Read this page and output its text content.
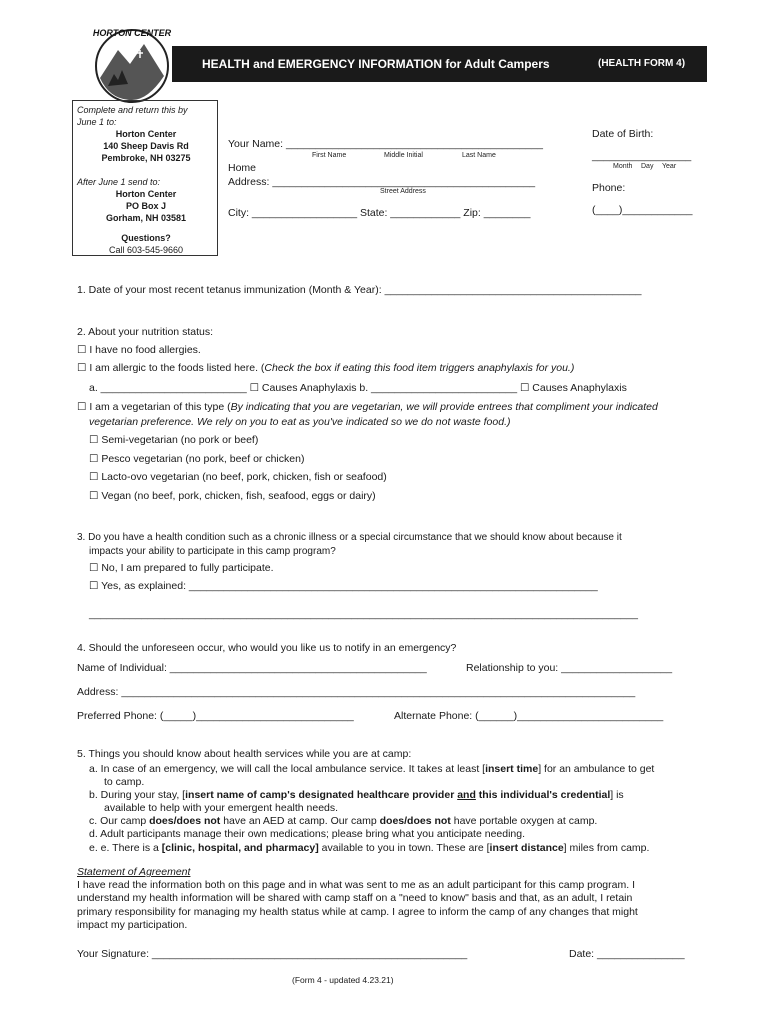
HORTON CENTER
HEALTH and EMERGENCY INFORMATION for Adult Campers	(HEALTH FORM 4)
Complete and return this by
June 1 to:
Horton Center
140 Sheep Davis Rd
Pembroke, NH 03275
After June 1 send to:
Horton Center
PO Box J
Gorham, NH 03581
Questions?
Call 603-545-9660
Your Name: ____________________________________________
First Name	Middle Initial	Last Name
Home
Address: _____________________________________________
Street Address
City: __________________ State: ____________ Zip: ________
Date of Birth:
_________________
Month Day Year
Phone:
(____)____________
1. Date of your most recent tetanus immunization (Month & Year): ____________________________________________
2. About your nutrition status:
☐ I have no food allergies.
☐ I am allergic to the foods listed here. (Check the box if eating this food item triggers anaphylaxis for you.)
a. _________________________ ☐ Causes Anaphylaxis b. _________________________ ☐ Causes Anaphylaxis
☐ I am a vegetarian of this type (By indicating that you are vegetarian, we will provide entrees that compliment your indicated
vegetarian preference. We rely on you to eat as you've indicated so we do not waste food.)
☐ Semi-vegetarian (no pork or beef)
☐ Pesco vegetarian (no pork, beef or chicken)
☐ Lacto-ovo vegetarian (no beef, pork, chicken, fish or seafood)
☐ Vegan (no beef, pork, chicken, fish, seafood, eggs or dairy)
3. Do you have a health condition such as a chronic illness or a special circumstance that we should know about because it
impacts your ability to participate in this camp program?
☐ No, I am prepared to fully participate.
☐ Yes, as explained: ______________________________________________________________________
______________________________________________________________________________________________
4. Should the unforeseen occur, who would you like us to notify in an emergency?
Name of Individual: ____________________________________________	Relationship to you: ___________________
Address: ________________________________________________________________________________________
Preferred Phone: (_____)___________________________	Alternate Phone: (______)_________________________
5. Things you should know about health services while you are at camp:
a. In case of an emergency, we will call the local ambulance service. It takes at least [insert time] for an ambulance to get
to camp.
b. During your stay, [insert name of camp's designated healthcare provider and this individual's credential] is
available to help with your emergent health needs.
c. Our camp does/does not have an AED at camp. Our camp does/does not have portable oxygen at camp.
d. Adult participants manage their own medications; please bring what you anticipate needing.
e. e. There is a [clinic, hospital, and pharmacy] available to you in town. These are [insert distance] miles from camp.
Statement of Agreement
I have read the information both on this page and in what was sent to me as an adult participant for this camp program. I
understand my health information will be shared with camp staff on a "need to know" basis and that, as an adult, I retain
primary responsibility for managing my health status while at camp. I agree to inform the camp of any changes that might
impact my participation.
Your Signature: ______________________________________________________	Date: _______________
(Form 4 - updated 4.23.21)
